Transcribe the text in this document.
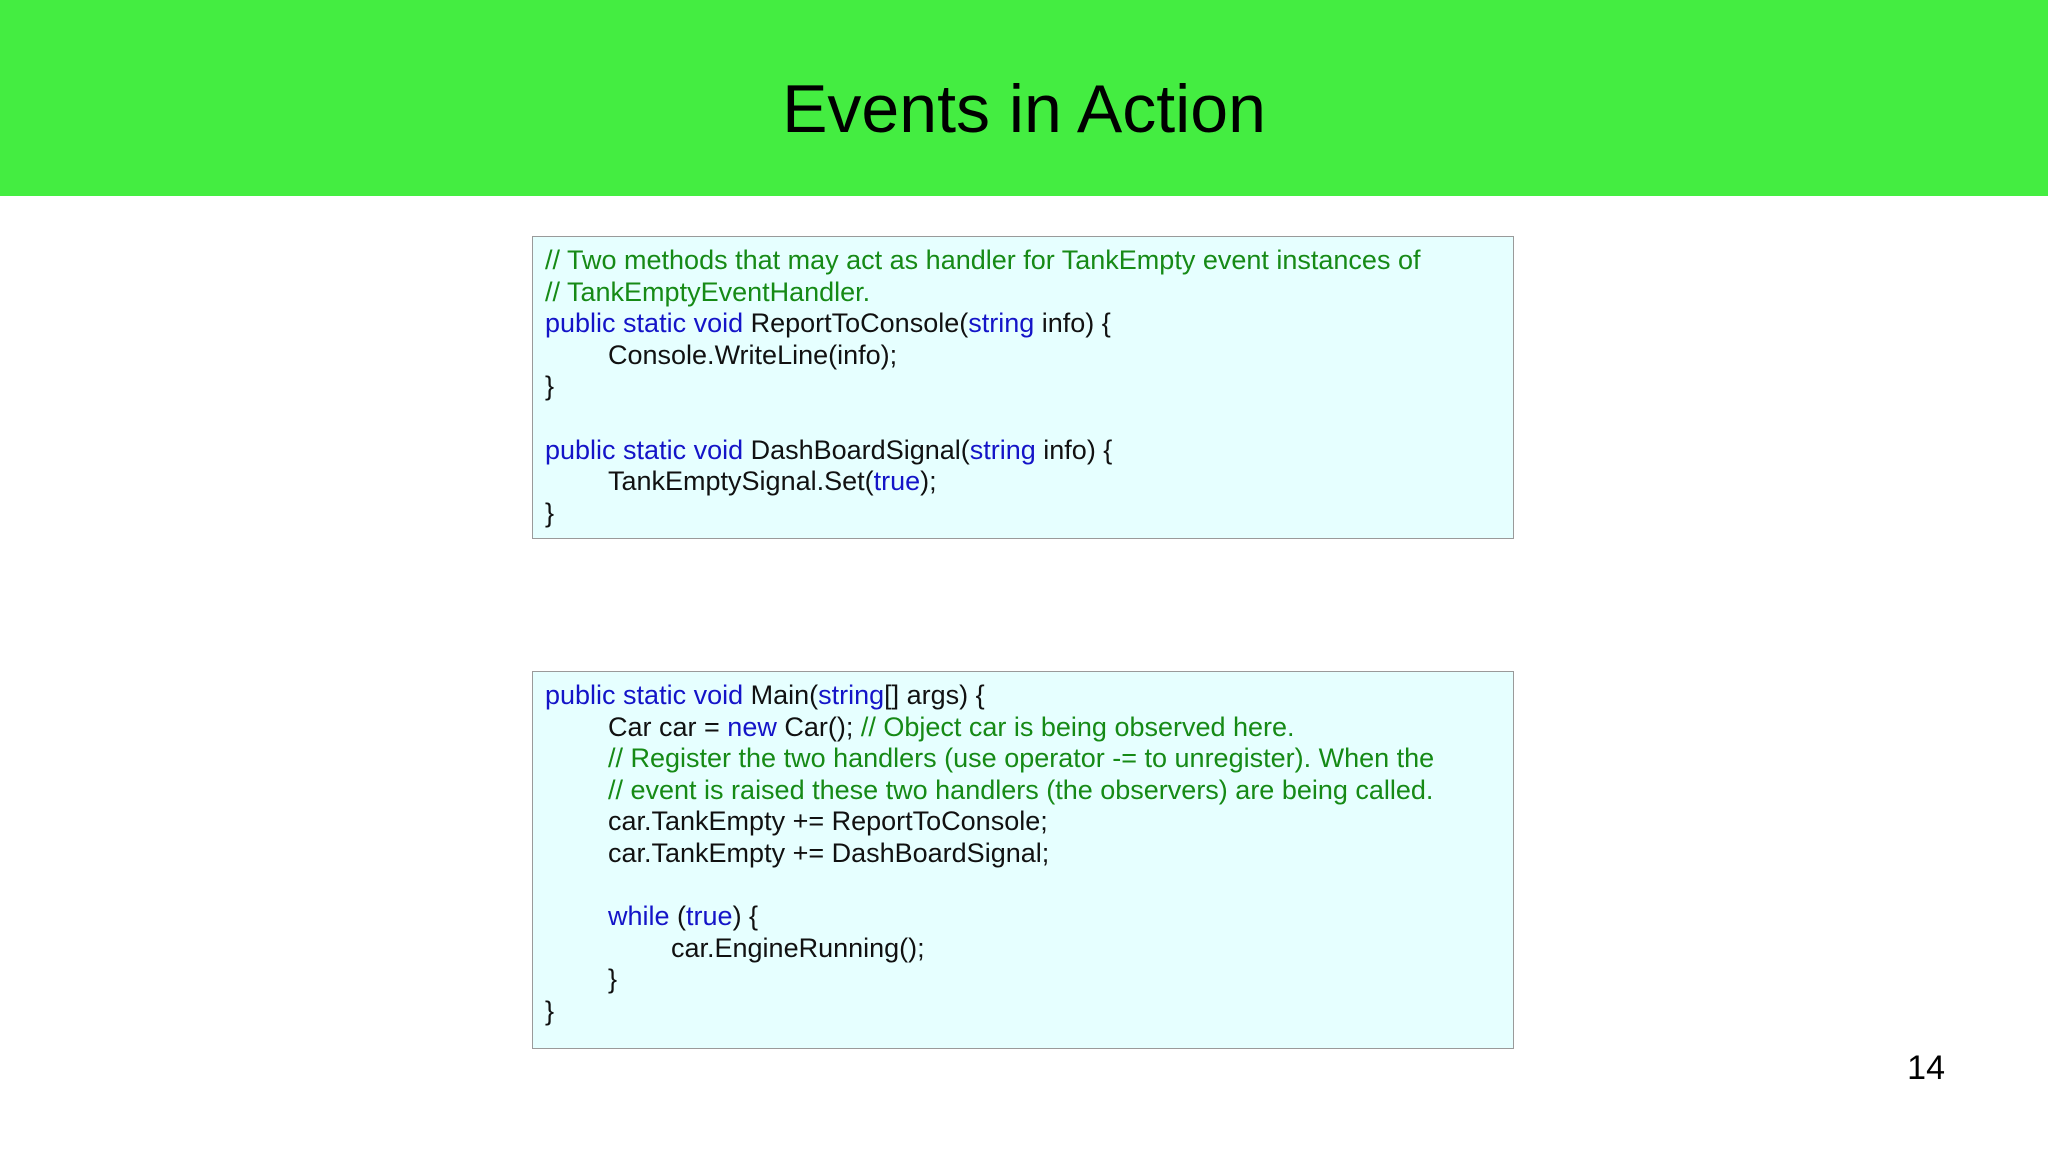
Events in Action
// Two methods that may act as handler for TankEmpty event instances of
// TankEmptyEventHandler.
public static void ReportToConsole(string info) {
Console.WriteLine(info);
}
public static void DashBoardSignal(string info) {
TankEmptySignal.Set(true);
}
public static void Main(string[] args) {
Car car = new Car(); // Object car is being observed here.
// Register the two handlers (use operator -= to unregister). When the
// event is raised these two handlers (the observers) are being called.
car.TankEmpty += ReportToConsole;
car.TankEmpty += DashBoardSignal;
while (true) {
car.EngineRunning();
}
}
14
